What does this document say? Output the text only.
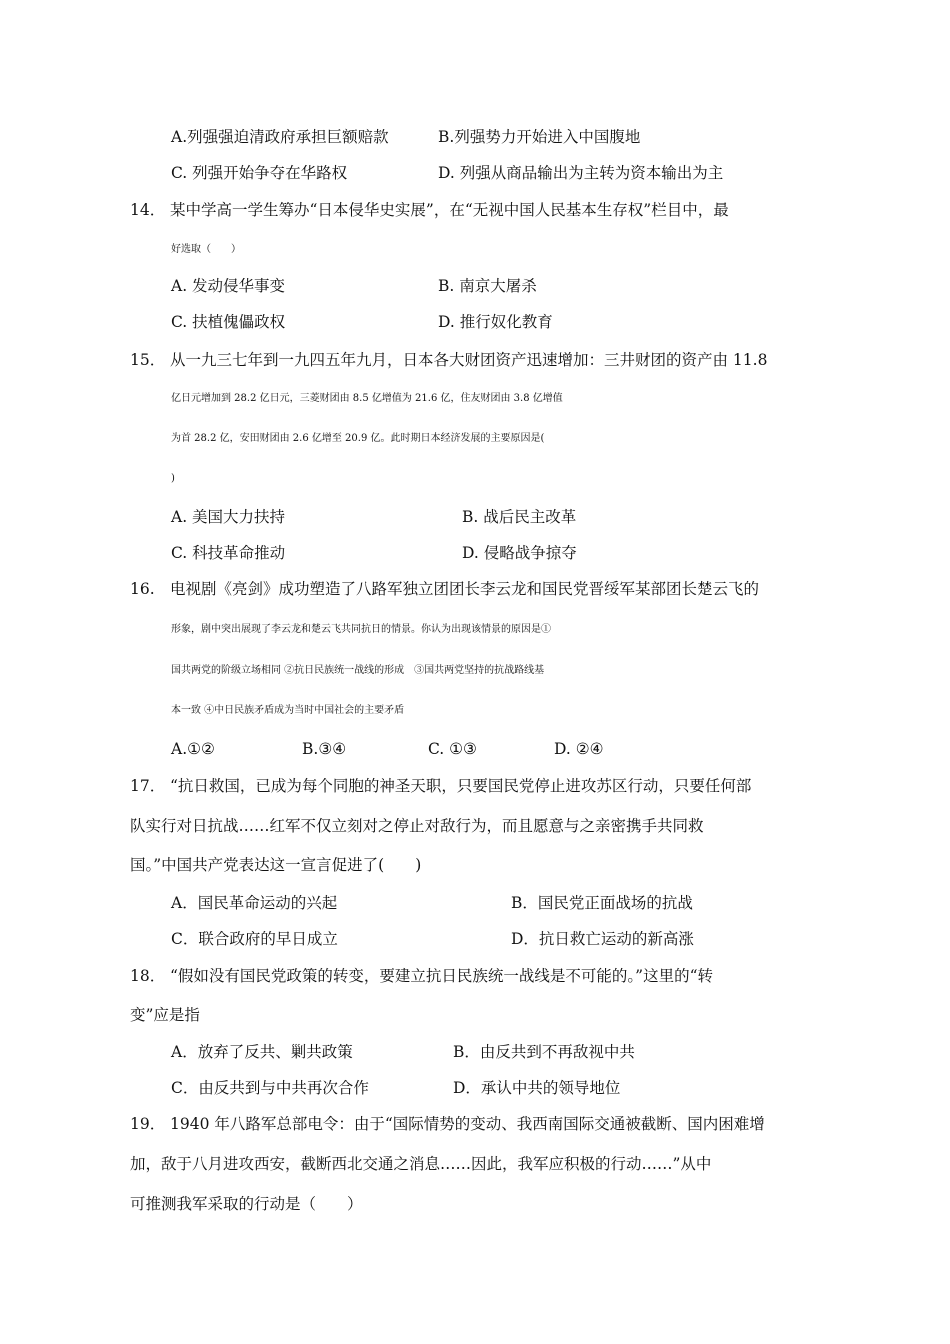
A.列强强迫清政府承担巨额赔款	B.列强势力开始进入中国腹地
C. 列强开始争夺在华路权	D. 列强从商品输出为主转为资本输出为主
14． 某中学高一学生筹办“日本侵华史实展”，在“无视中国人民基本生存权”栏目中，最
好选取（　　）
A. 发动侵华事变	B. 南京大屠杀
C. 扶植傀儡政权	D. 推行奴化教育
15． 从一九三七年到一九四五年九月，日本各大财团资产迅速增加：三井财团的资产由 11.8
亿日元增加到 28.2 亿日元，三菱财团由 8.5 亿增值为 21.6 亿，住友财团由 3.8 亿增值
为首 28.2 亿，安田财团由 2.6 亿增至 20.9 亿。此时期日本经济发展的主要原因是(
)
A. 美国大力扶持	B. 战后民主改革
C. 科技革命推动	D. 侵略战争掠夺
16. 电视剧《亮剑》成功塑造了八路军独立团团长李云龙和国民党晋绥军某部团长楚云飞的
形象，剧中突出展现了李云龙和楚云飞共同抗日的情景。你认为出现该情景的原因是①
国共两党的阶级立场相同 ②抗日民族统一战线的形成　③国共两党坚持的抗战路线基
本一致 ④中日民族矛盾成为当时中国社会的主要矛盾
A.①②	B.③④	C. ①③	D. ②④
17． “抗日救国，已成为每个同胞的神圣天职，只要国民党停止进攻苏区行动，只要任何部
队实行对日抗战……红军不仅立刻对之停止对敌行为，而且愿意与之亲密携手共同救
国。”中国共产党表达这一宣言促进了(　　)
A．国民革命运动的兴起	B．国民党正面战场的抗战
C．联合政府的早日成立	D．抗日救亡运动的新高涨
18． “假如没有国民党政策的转变，要建立抗日民族统一战线是不可能的。”这里的“转
变”应是指
A．放弃了反共、剿共政策	B．由反共到不再敌视中共
C．由反共到与中共再次合作	D．承认中共的领导地位
19． 1940 年八路军总部电令：由于“国际情势的变动、我西南国际交通被截断、国内困难增
加，敌于八月进攻西安，截断西北交通之消息……因此，我军应积极的行动……”从中
可推测我军采取的行动是（　　）
